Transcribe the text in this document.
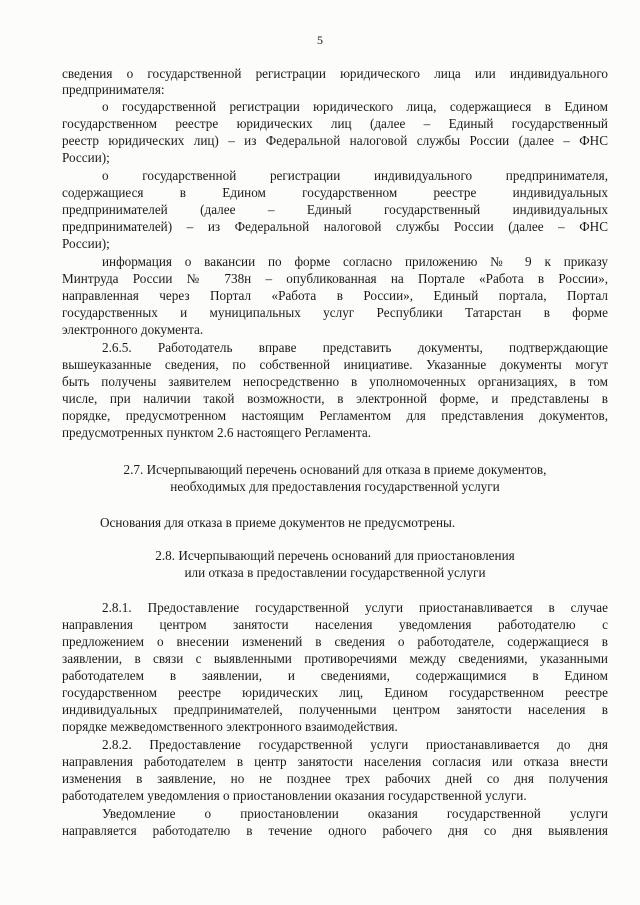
5
сведения о государственной регистрации юридического лица или индивидуального
предпринимателя:
о государственной регистрации юридического лица, содержащиеся в Едином
государственном реестре юридических лиц (далее – Единый государственный
реестр юридических лиц) – из Федеральной налоговой службы России (далее – ФНС
России);
о государственной регистрации индивидуального предпринимателя,
содержащиеся в Едином государственном реестре индивидуальных
предпринимателей (далее – Единый государственный индивидуальных
предпринимателей) – из Федеральной налоговой службы России (далее – ФНС
России);
информация о вакансии по форме согласно приложению № 9 к приказу
Минтруда России № 738н – опубликованная на Портале «Работа в России»,
направленная через Портал «Работа в России», Единый портала, Портал
государственных и муниципальных услуг Республики Татарстан в форме
электронного документа.
2.6.5. Работодатель вправе представить документы, подтверждающие
вышеуказанные сведения, по собственной инициативе. Указанные документы могут
быть получены заявителем непосредственно в уполномоченных организациях, в том
числе, при наличии такой возможности, в электронной форме, и представлены в
порядке, предусмотренном настоящим Регламентом для представления документов,
предусмотренных пунктом 2.6 настоящего Регламента.
2.7. Исчерпывающий перечень оснований для отказа в приеме документов,
необходимых для предоставления государственной услуги
Основания для отказа в приеме документов не предусмотрены.
2.8. Исчерпывающий перечень оснований для приостановления
или отказа в предоставлении государственной услуги
2.8.1. Предоставление государственной услуги приостанавливается в случае
направления центром занятости населения уведомления работодателю с
предложением о внесении изменений в сведения о работодателе, содержащиеся в
заявлении, в связи с выявленными противоречиями между сведениями, указанными
работодателем в заявлении, и сведениями, содержащимися в Едином
государственном реестре юридических лиц, Едином государственном реестре
индивидуальных предпринимателей, полученными центром занятости населения в
порядке межведомственного электронного взаимодействия.
2.8.2. Предоставление государственной услуги приостанавливается до дня
направления работодателем в центр занятости населения согласия или отказа внести
изменения в заявление, но не позднее трех рабочих дней со дня получения
работодателем уведомления о приостановлении оказания государственной услуги.
Уведомление о приостановлении оказания государственной услуги
направляется работодателю в течение одного рабочего дня со дня выявления
